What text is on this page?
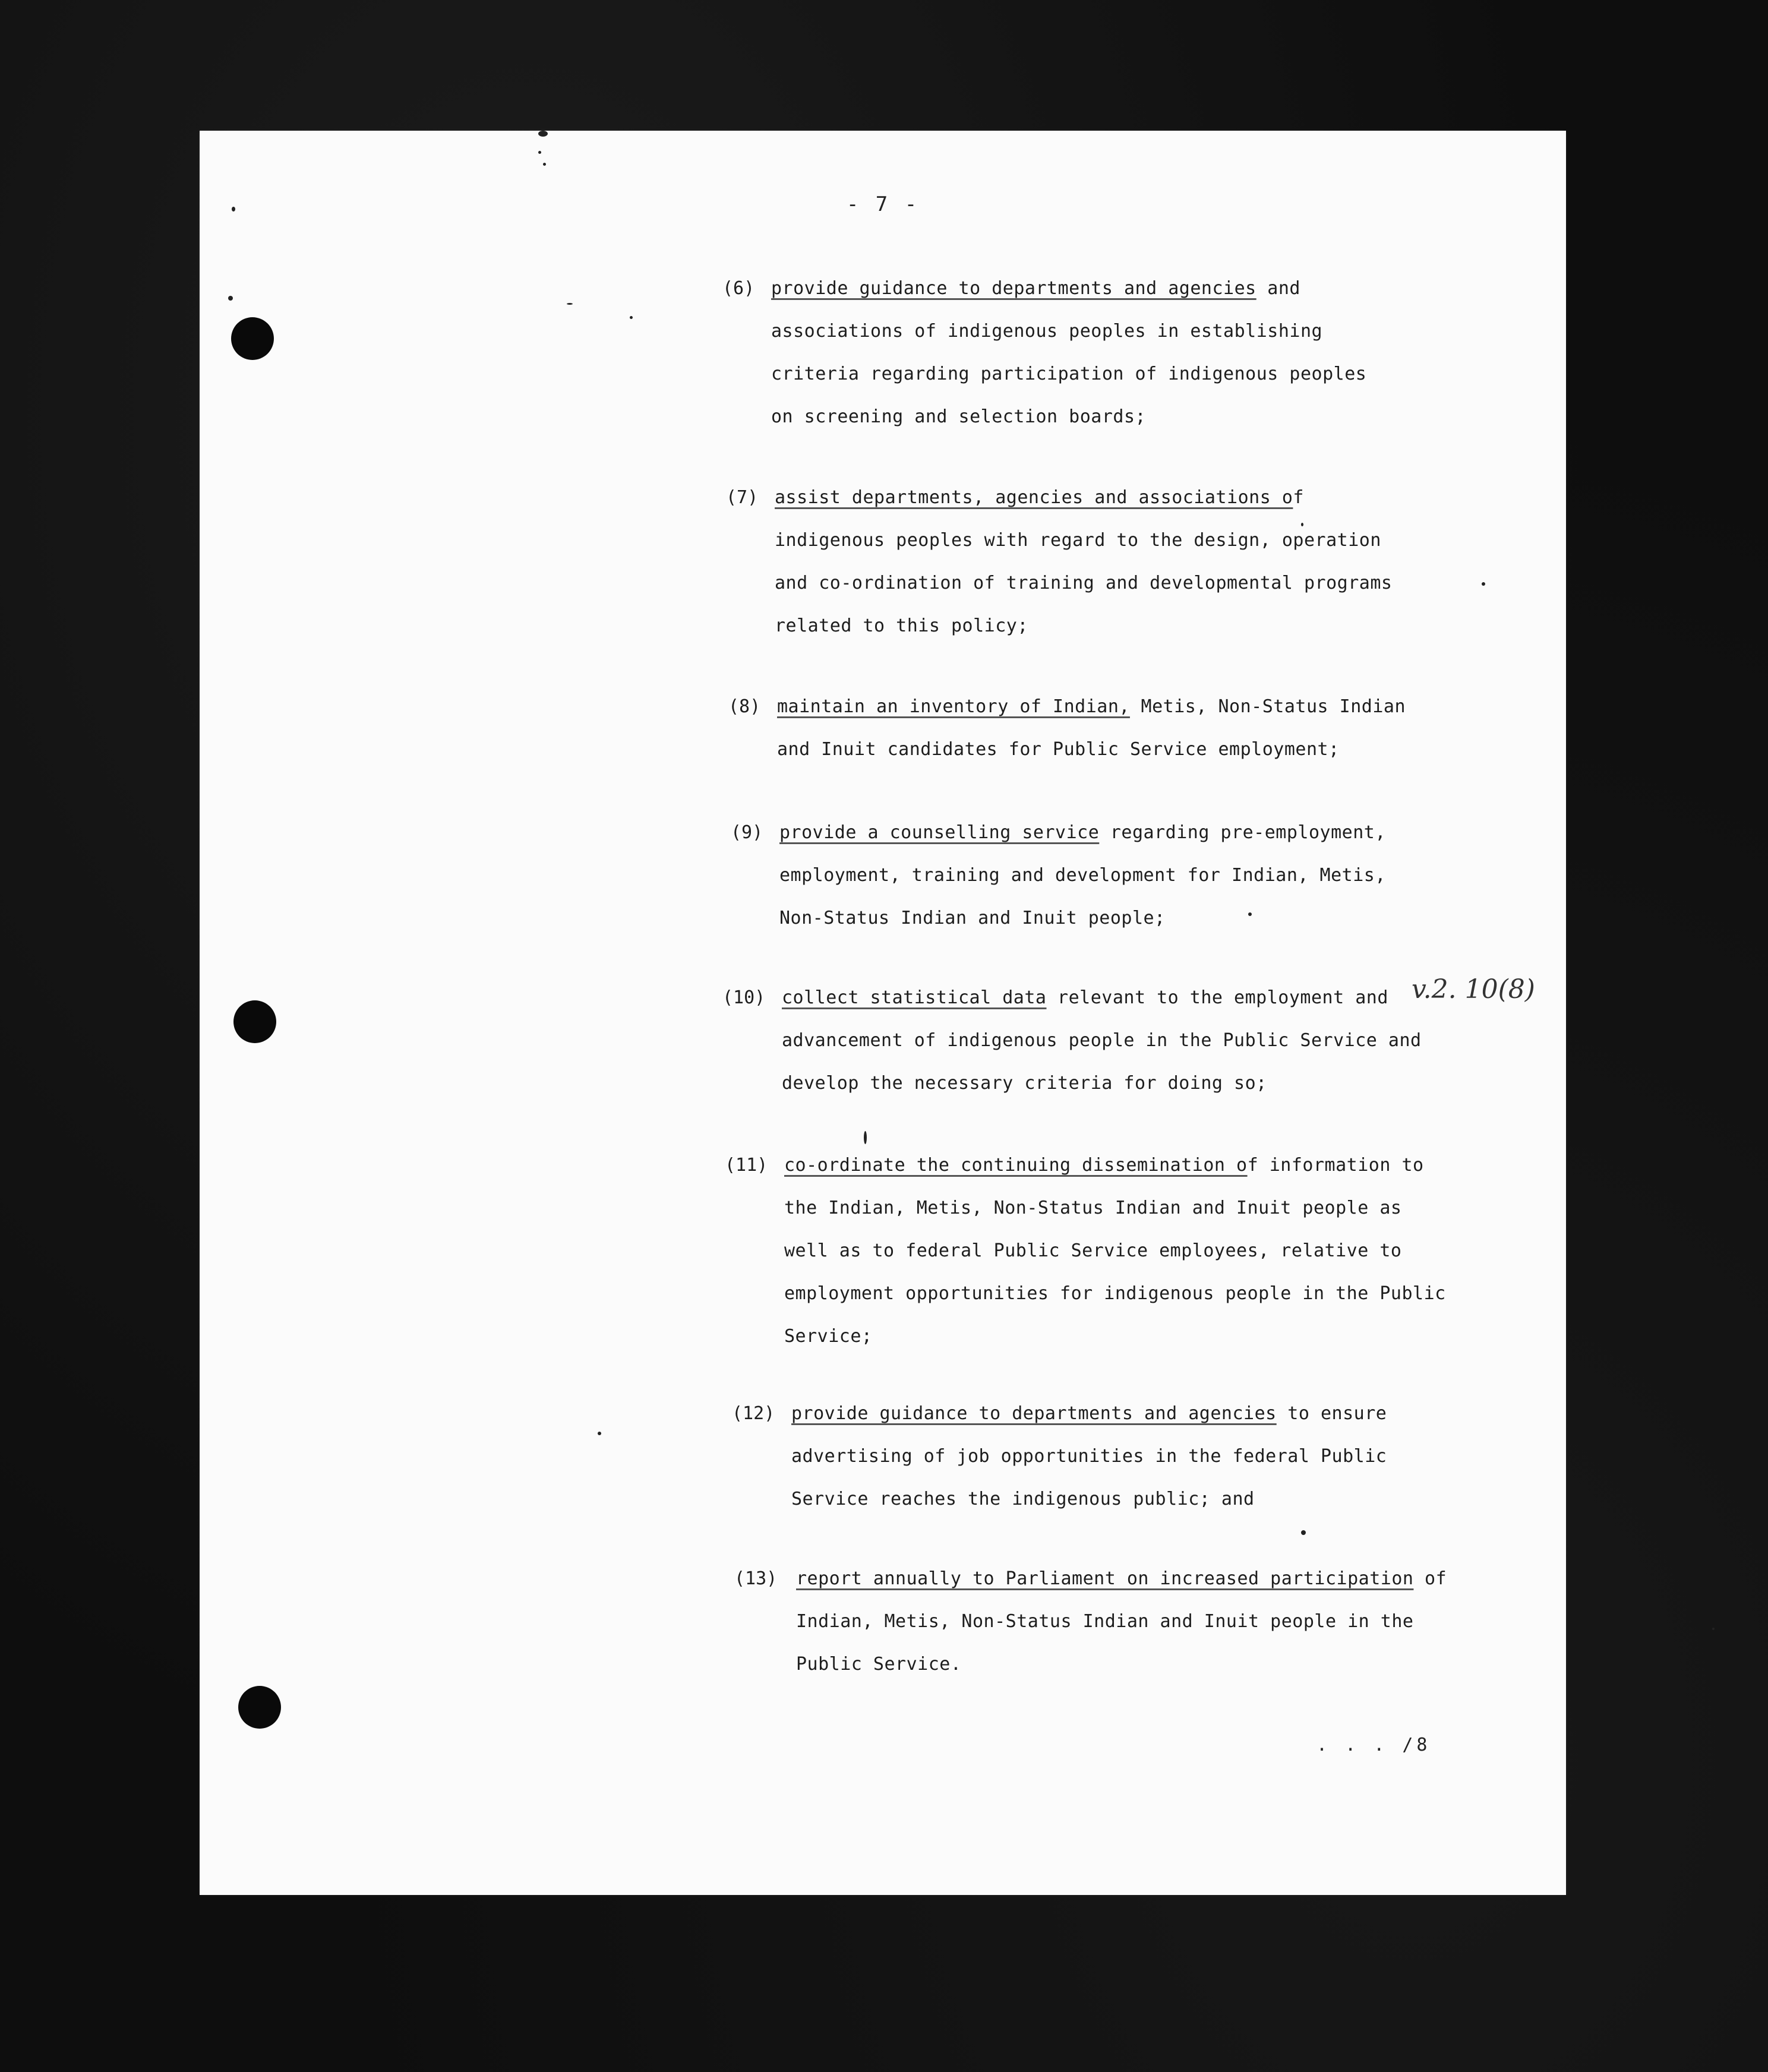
- 7 -
(6) provide guidance to departments and agencies and
associations of indigenous peoples in establishing
criteria regarding participation of indigenous peoples
on screening and selection boards;
(7) assist departments, agencies and associations of
indigenous peoples with regard to the design, operation
and co-ordination of training and developmental programs
related to this policy;
(8) maintain an inventory of Indian, Metis, Non-Status Indian
and Inuit candidates for Public Service employment;
(9) provide a counselling service regarding pre-employment,
employment, training and development for Indian, Metis,
Non-Status Indian and Inuit people;
(10) collect statistical data relevant to the employment and
advancement of indigenous people in the Public Service and
develop the necessary criteria for doing so;
(11) co-ordinate the continuing dissemination of information to
the Indian, Metis, Non-Status Indian and Inuit people as
well as to federal Public Service employees, relative to
employment opportunities for indigenous people in the Public
Service;
(12) provide guidance to departments and agencies to ensure
advertising of job opportunities in the federal Public
Service reaches the indigenous public; and
(13) report annually to Parliament on increased participation of
Indian, Metis, Non-Status Indian and Inuit people in the
Public Service.
v.2. 10(8)
. . . /8
